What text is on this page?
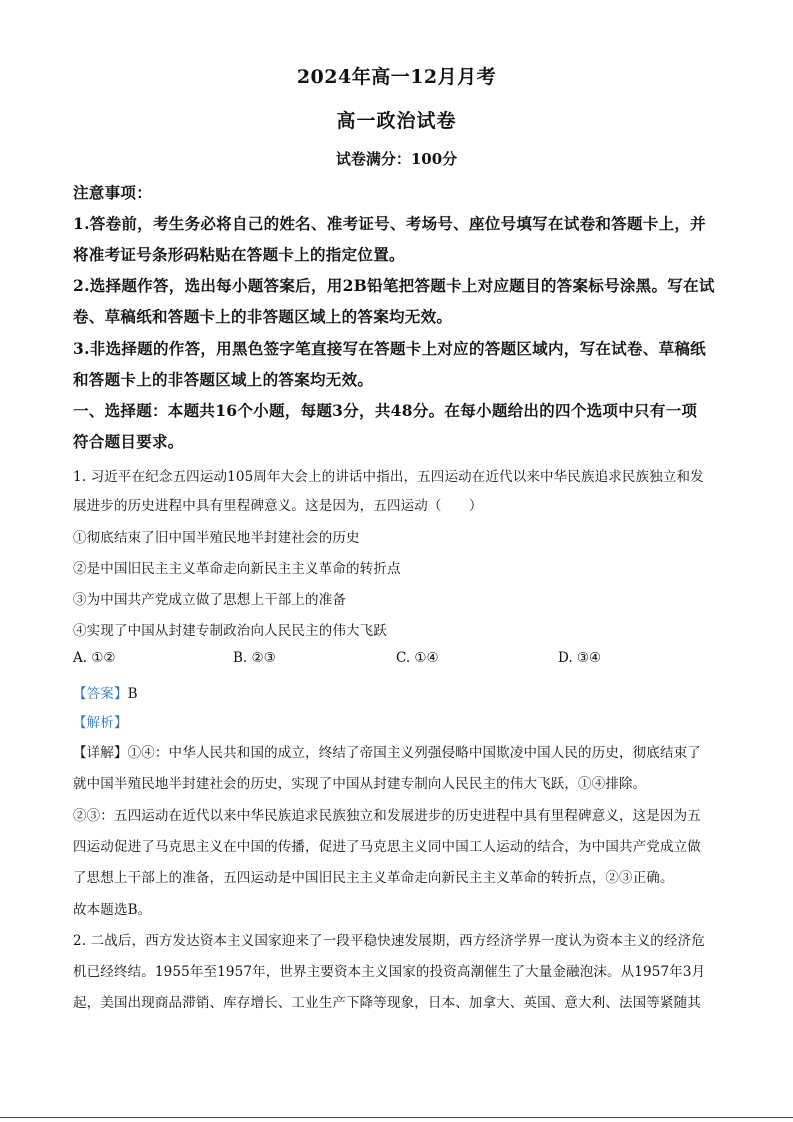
2024年高一12月月考
高一政治试卷
试卷满分：100分
注意事项：
1.答卷前，考生务必将自己的姓名、准考证号、考场号、座位号填写在试卷和答题卡上，并
将准考证号条形码粘贴在答题卡上的指定位置。
2.选择题作答，选出每小题答案后，用2B铅笔把答题卡上对应题目的答案标号涂黑。写在试
卷、草稿纸和答题卡上的非答题区域上的答案均无效。
3.非选择题的作答，用黑色签字笔直接写在答题卡上对应的答题区域内，写在试卷、草稿纸
和答题卡上的非答题区域上的答案均无效。
一、选择题：本题共16个小题，每题3分，共48分。在每小题给出的四个选项中只有一项
符合题目要求。
1. 习近平在纪念五四运动105周年大会上的讲话中指出，五四运动在近代以来中华民族追求民族独立和发
展进步的历史进程中具有里程碑意义。这是因为，五四运动（　　）
①彻底结束了旧中国半殖民地半封建社会的历史
②是中国旧民主主义革命走向新民主主义革命的转折点
③为中国共产党成立做了思想上干部上的准备
④实现了中国从封建专制政治向人民民主的伟大飞跃
A. ①②	B. ②③	C. ①④	D. ③④
【答案】B
【解析】
【详解】①④：中华人民共和国的成立，终结了帝国主义列强侵略中国欺凌中国人民的历史，彻底结束了
就中国半殖民地半封建社会的历史，实现了中国从封建专制向人民民主的伟大飞跃，①④排除。
②③：五四运动在近代以来中华民族追求民族独立和发展进步的历史进程中具有里程碑意义，这是因为五
四运动促进了马克思主义在中国的传播，促进了马克思主义同中国工人运动的结合，为中国共产党成立做
了思想上干部上的准备，五四运动是中国旧民主主义革命走向新民主主义革命的转折点，②③正确。
故本题选B。
2. 二战后，西方发达资本主义国家迎来了一段平稳快速发展期，西方经济学界一度认为资本主义的经济危
机已经终结。1955年至1957年，世界主要资本主义国家的投资高潮催生了大量金融泡沫。从1957年3月
起，美国出现商品滞销、库存增长、工业生产下降等现象，日本、加拿大、英国、意大利、法国等紧随其
